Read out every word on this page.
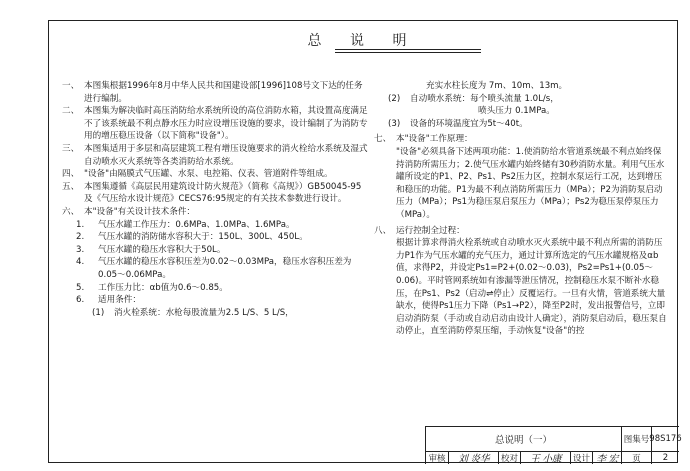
总 说 明
一、 本图集根据1996年8月中华人民共和国建设部[1996]108号文下达的任务进行编制。
二、 本图集为解决临时高压消防给水系统所设的高位消防水箱，其设置高度满足不了该系统最不利点静水压力时应设增压设施的要求，设计编制了为消防专用的增压稳压设备（以下简称"设备"）。
三、 本图集适用于多层和高层建筑工程有增压设施要求的消火栓给水系统及湿式自动喷水灭火系统等各类消防给水系统。
四、 "设备"由隔膜式气压罐、水泵、电控箱、仪表、管道附件等组成。
五、 本图集遵循《高层民用建筑设计防火规范》（简称《高规》）GB50045-95及《气压给水设计规范》CECS76:95规定的有关技术参数进行设计。
六、 本"设备"有关设计技术条件：
1. 气压水罐工作压力：0.6MPa、1.0MPa、1.6MPa。
2. 气压水罐的消防储水容积大于：150L、300L、450L。
3. 气压水罐的稳压水容积大于50L。
4. 气压水罐的稳压水容积压差为0.02～0.03MPa，稳压水容积压差为0.05～0.06MPa。
5. 工作压力比：αb值为0.6～0.85。
6. 适用条件：
(1) 消火栓系统：水枪每股流量为2.5 L/S、5 L/S，
充实水柱长度为 7m、10m、13m。
(2) 自动喷水系统：每个喷头流量 1.0L/s，
喷头压力 0.1MPa。
(3) 设备的环境温度宜为5t～40t。
七、 本"设备"工作原理：
"设备"必须具备下述两项功能：1.使消防给水管道系统最不利点始终保持消防所需压力；2.使气压水罐内始终储有30秒消防水量。利用气压水罐所设定的P1、P2、Ps1、Ps2压力区，控制水泵运行工况，达到增压和稳压的功能。P1为最不利点消防所需压力（MPa）；P2为消防泵启动压力（MPa）；Ps1为稳压泵启泵压力（MPa）；Ps2为稳压泵停泵压力（MPa）。
八、 运行控制全过程：
根据计算求得消火栓系统或自动喷水灭火系统中最不利点所需的消防压力P1作为气压水罐的充气压力，通过计算所选定的气压水罐规格及αb值，求得P2，并设定Ps1=P2+(0.02～0.03)，Ps2=Ps1+(0.05～0.06)。平时管网系统如有渗漏等泄压情况，控制稳压水泵不断补水稳压，在Ps1、Ps2（启动⇌停止）反覆运行。一旦有火情，管道系统大量缺水，使得Ps1压力下降（Ps1→P2），降至P2时，发出报警信号，立即启动消防泵（手动或自动启动由设计人确定），消防泵启动后，稳压泵自动停止，直至消防停泵压缩，手动恢复"设备"的控
总说明（一）	图集号 98S176
审核	刘 炎华	校对	王 小康	设计 李 宏	页	2
